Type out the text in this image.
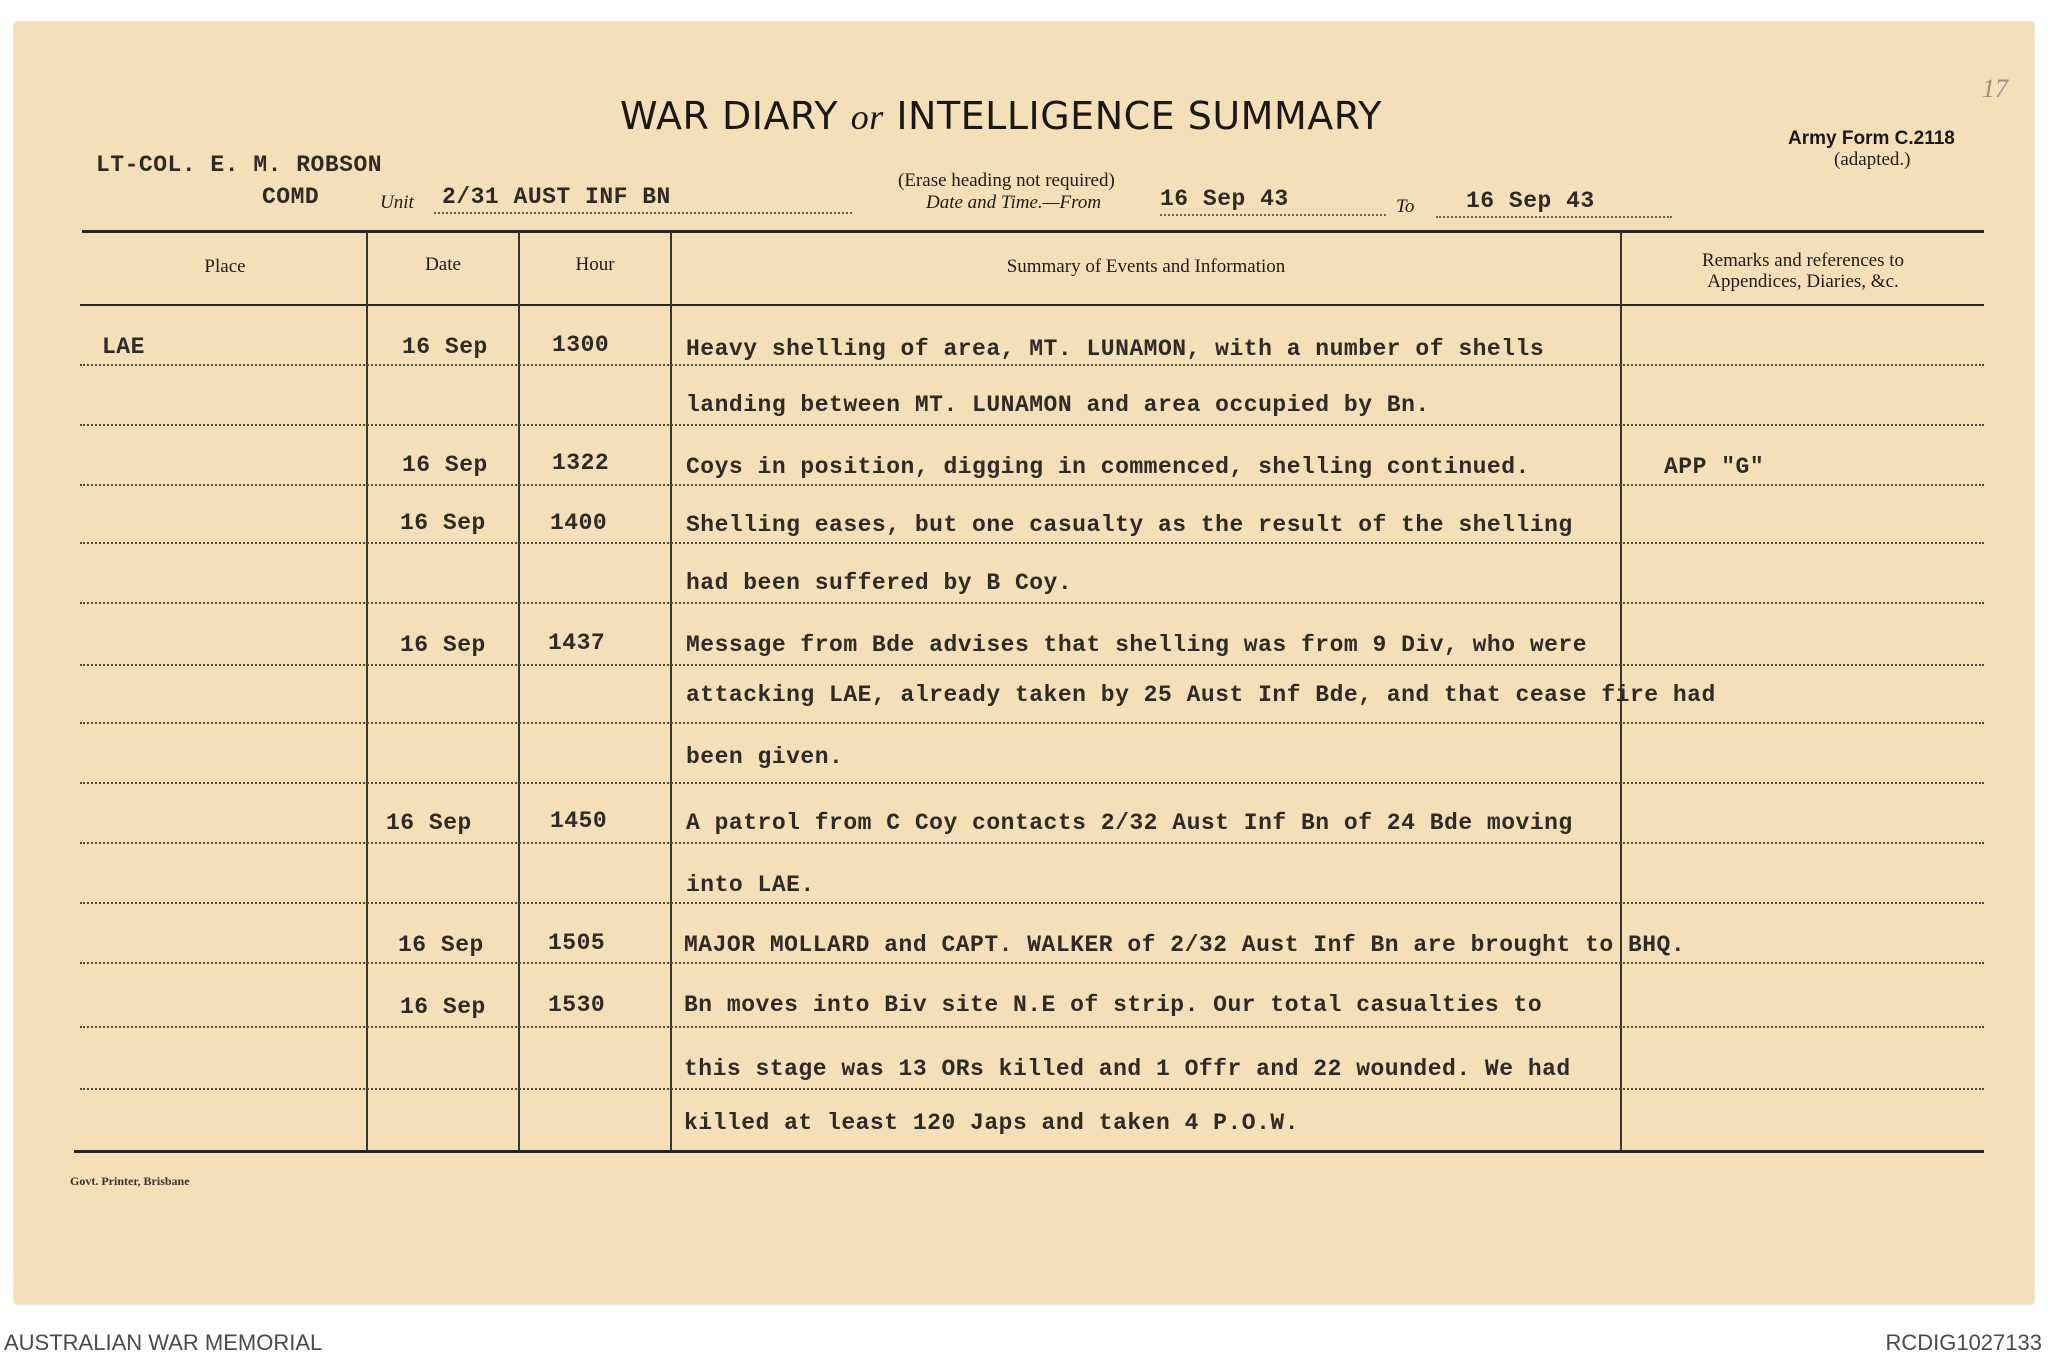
WAR DIARY or INTELLIGENCE SUMMARY
(Erase heading not required)
Army Form C.2118
(adapted.)
17
LT-COL. E. M. ROBSON
COMD	Unit 2/31 AUST INF BN	Date and Time.—From	16 Sep 43	To 16 Sep 43
Place	Date	Hour	Summary of Events and Information	Remarks and references to
Appendices, Diaries, &c.
LAE	16 Sep	1300	Heavy shelling of area, MT. LUNAMON, with a number of shells
landing between MT. LUNAMON and area occupied by Bn.
16 Sep	1322	Coys in position, digging in commenced, shelling continued.	APP "G"
16 Sep	1400	Shelling eases, but one casualty as the result of the shelling
had been suffered by B Coy.
16 Sep	1437	Message from Bde advises that shelling was from 9 Div, who were
attacking LAE, already taken by 25 Aust Inf Bde, and that cease fire had
been given.
16 Sep	1450	A patrol from C Coy contacts 2/32 Aust Inf Bn of 24 Bde moving
into LAE.
16 Sep	1505	MAJOR MOLLARD and CAPT. WALKER of 2/32 Aust Inf Bn are brought to BHQ.
16 Sep	1530	Bn moves into Biv site N.E of strip. Our total casualties to
this stage was 13 ORs killed and 1 Offr and 22 wounded. We had
killed at least 120 Japs and taken 4 P.O.W.
Govt. Printer, Brisbane
AUSTRALIAN WAR MEMORIAL	RCDIG1027133
